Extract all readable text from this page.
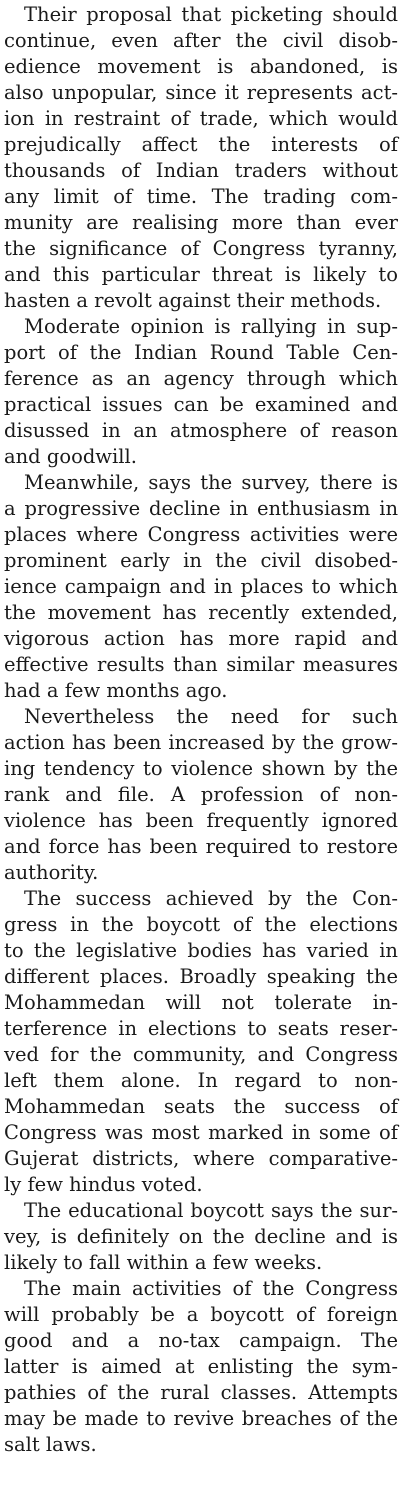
Their proposal that picketing should
continue, even after the civil disob-
edience movement is abandoned, is
also unpopular, since it represents act-
ion in restraint of trade, which would
prejudically affect the interests of
thousands of Indian traders without
any limit of time. The trading com-
munity are realising more than ever
the significance of Congress tyranny,
and this particular threat is likely to
hasten a revolt against their methods.
Moderate opinion is rallying in sup-
port of the Indian Round Table Cen-
ference as an agency through which
practical issues can be examined and
disussed in an atmosphere of reason
and goodwill.
Meanwhile, says the survey, there is
a progressive decline in enthusiasm in
places where Congress activities were
prominent early in the civil disobed-
ience campaign and in places to which
the movement has recently extended,
vigorous action has more rapid and
effective results than similar measures
had a few months ago.
Nevertheless the need for such
action has been increased by the grow-
ing tendency to violence shown by the
rank and file. A profession of non-
violence has been frequently ignored
and force has been required to restore
authority.
The success achieved by the Con-
gress in the boycott of the elections
to the legislative bodies has varied in
different places. Broadly speaking the
Mohammedan will not tolerate in-
terference in elections to seats reser-
ved for the community, and Congress
left them alone. In regard to non-
Mohammedan seats the success of
Congress was most marked in some of
Gujerat districts, where comparative-
ly few hindus voted.
The educational boycott says the sur-
vey, is definitely on the decline and is
likely to fall within a few weeks.
The main activities of the Congress
will probably be a boycott of foreign
good and a no-tax campaign. The
latter is aimed at enlisting the sym-
pathies of the rural classes. Attempts
may be made to revive breaches of the
salt laws.
